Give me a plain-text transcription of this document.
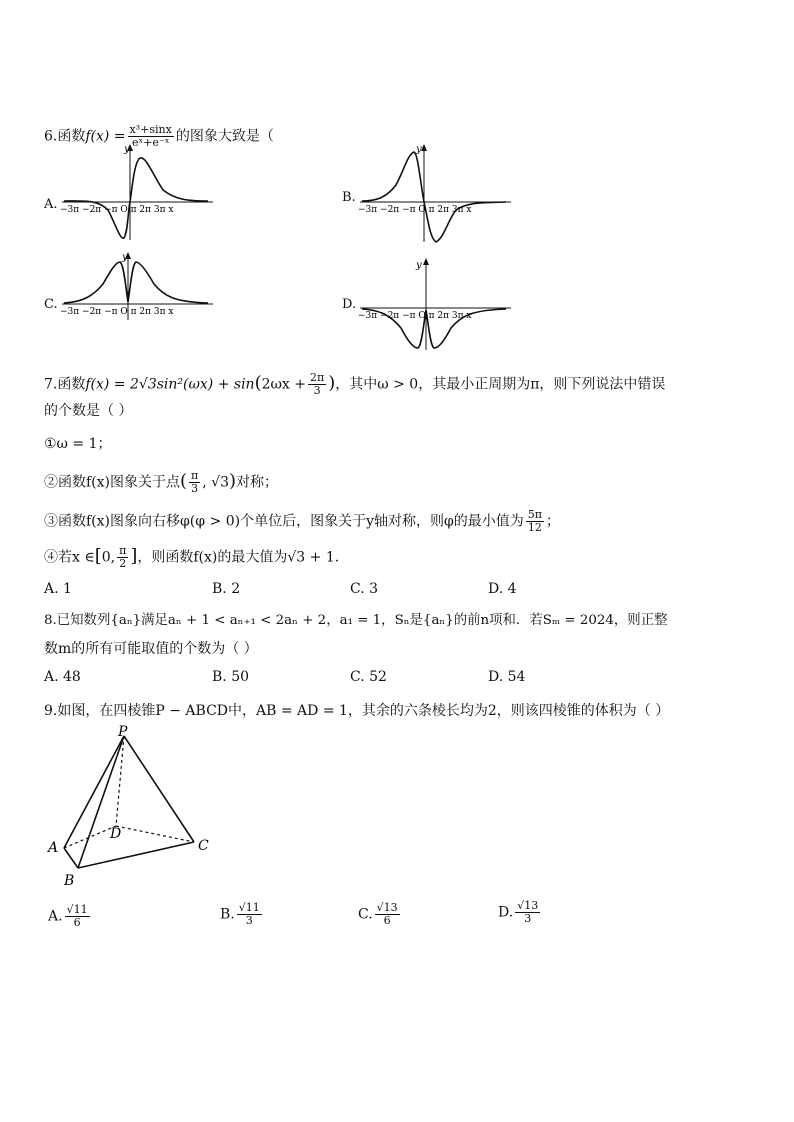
6.函数$f(x) = \frac{\text{x³+sinx}}{\text{eˣ+e⁻ˣ}}$ 的图象大致是（
A.
y
−3π −2π −π O π 2π 3π x
B.
y
−3π −2π −π O π 2π 3π x
C.
y
−3π −2π −π O π 2π 3π x	D.
y
−3π −2π −π O π 2π 3π x
7.函数$f(x) = 2√3\sin^2(\omega x) + \sin(2\omega x + \frac{2\pi}{3}$ )，其中ω > 0，其最小正周期为π，则下列说法中错误
的个数是（ ）
①ω = 1；
②函数f(x)图象关于点( $\frac{\pi}{3}$ , √3)对称；
③函数f(x)图象向右移φ(φ > 0)个单位后，图象关于y轴对称，则φ的最小值为 $\frac{5\pi}{12}$ ；
④若x ∈[0, $\frac{\pi}{2}$ ]，则函数f(x)的最大值为√3 + 1.
A. 1	B. 2	C. 3	D. 4
8.已知数列{aₙ}满足aₙ + 1 < aₙ₊₁ < 2aₙ + 2，a₁ = 1，Sₙ是{aₙ}的前n项和．若Sₘ = 2024，则正整
数m的所有可能取值的个数为（ ）
A. 48	B. 50	C. 52	D. 54
9.如图，在四棱锥P − ABCD中，AB = AD = 1，其余的六条棱长均为2，则该四棱锥的体积为（ ）
P
A
B
C
D
A. $\frac{√11}{6}$	B. $\frac{√11}{3}$	C. $\frac{√13}{6}$	D. $\frac{√13}{3}$
